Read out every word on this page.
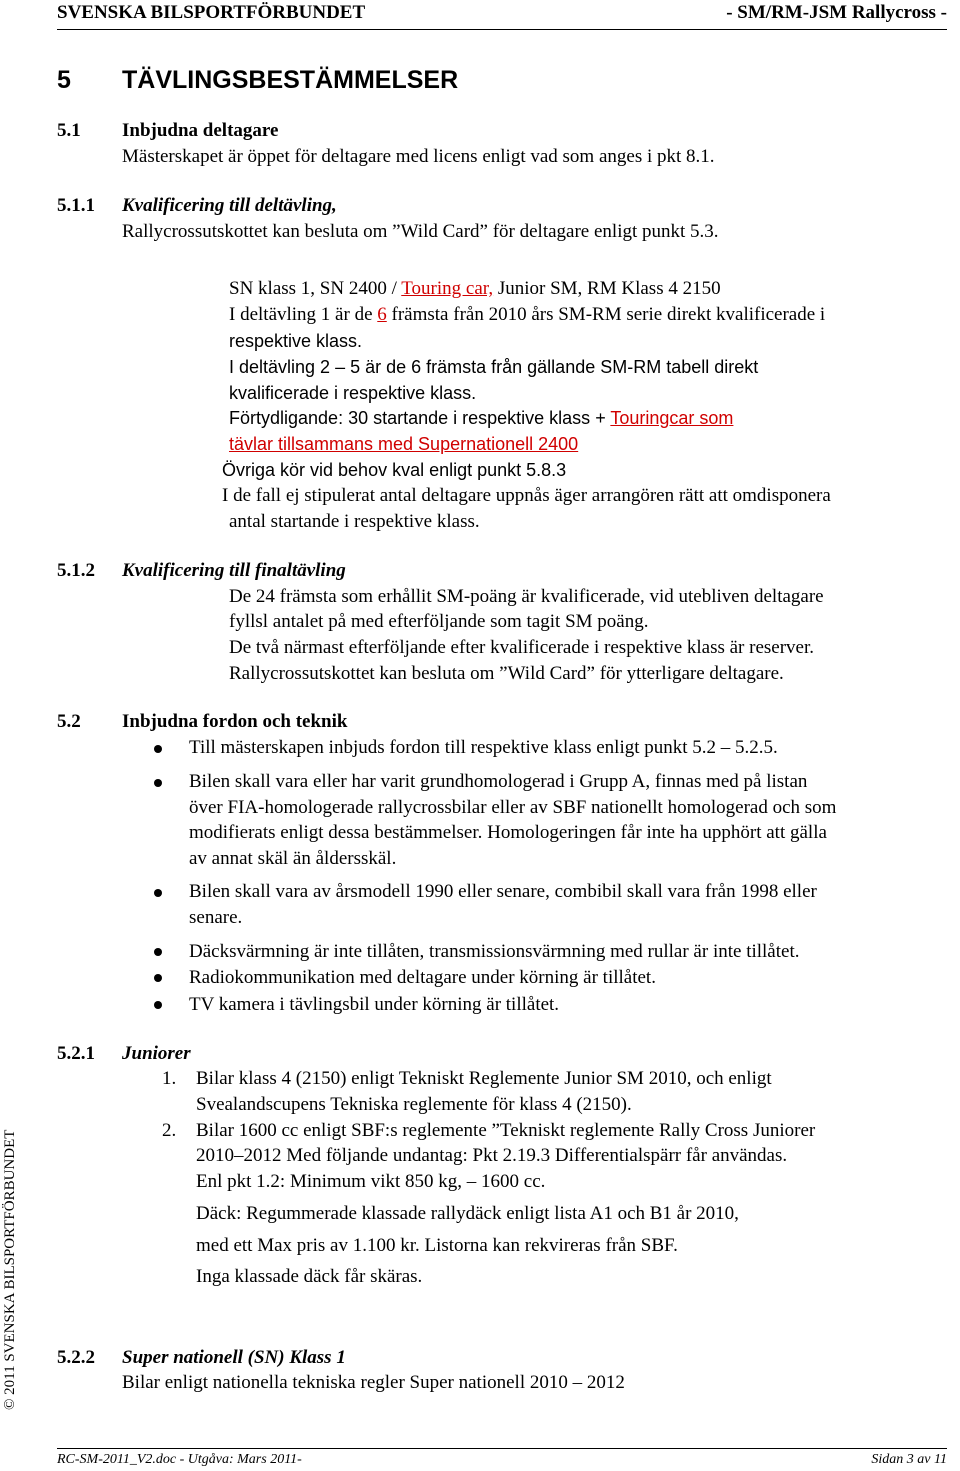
SVENSKA BILSPORTFÖRBUNDET	- SM/RM-JSM Rallycross -
5 TÄVLINGSBESTÄMMELSER
5.1 Inbjudna deltagare
Mästerskapet är öppet för deltagare med licens enligt vad som anges i pkt 8.1.
5.1.1 Kvalificering till deltävling,
Rallycrossutskottet kan besluta om ”Wild Card” för deltagare enligt punkt 5.3.
SN klass 1, SN 2400 / Touring car, Junior SM, RM Klass 4 2150
I deltävling 1 är de 6 främsta från 2010 års SM-RM serie direkt kvalificerade i
respektive klass.
I deltävling 2 – 5 är de 6 främsta från gällande SM-RM tabell direkt
kvalificerade i respektive klass.
Förtydligande: 30 startande i respektive klass + Touringcar som
tävlar tillsammans med Supernationell 2400
Övriga kör vid behov kval enligt punkt 5.8.3
I de fall ej stipulerat antal deltagare uppnås äger arrangören rätt att omdisponera
antal startande i respektive klass.
5.1.2 Kvalificering till finaltävling
De 24 främsta som erhållit SM-poäng är kvalificerade, vid utebliven deltagare
fyllsl antalet på med efterföljande som tagit SM poäng.
De två närmast efterföljande efter kvalificerade i respektive klass är reserver.
Rallycrossutskottet kan besluta om ”Wild Card” för ytterligare deltagare.
5.2 Inbjudna fordon och teknik
Till mästerskapen inbjuds fordon till respektive klass enligt punkt 5.2 – 5.2.5.
Bilen skall vara eller har varit grundhomologerad i Grupp A, finnas med på listan
över FIA-homologerade rallycrossbilar eller av SBF nationellt homologerad och som
modifierats enligt dessa bestämmelser. Homologeringen får inte ha upphört att gälla
av annat skäl än åldersskäl.
Bilen skall vara av årsmodell 1990 eller senare, combibil skall vara från 1998 eller
senare.
Däcksvärmning är inte tillåten, transmissionsvärmning med rullar är inte tillåtet.
Radiokommunikation med deltagare under körning är tillåtet.
TV kamera i tävlingsbil under körning är tillåtet.
5.2.1 Juniorer
1. Bilar klass 4 (2150) enligt Tekniskt Reglemente Junior SM 2010, och enligt
Svealandscupens Tekniska reglemente för klass 4 (2150).
2. Bilar 1600 cc enligt SBF:s reglemente ”Tekniskt reglemente Rally Cross Juniorer
2010–2012 Med följande undantag: Pkt 2.19.3 Differentialspärr får användas.
Enl pkt 1.2: Minimum vikt 850 kg, – 1600 cc.
Däck: Regummerade klassade rallydäck enligt lista A1 och B1 år 2010,
med ett Max pris av 1.100 kr. Listorna kan rekvireras från SBF.
Inga klassade däck får skäras.
5.2.2 Super nationell (SN) Klass 1
Bilar enligt nationella tekniska regler Super nationell 2010 – 2012
© 2011 SVENSKA BILSPORTFÖRBUNDET
RC-SM-2011_V2.doc - Utgåva: Mars 2011-	Sidan 3 av 11
